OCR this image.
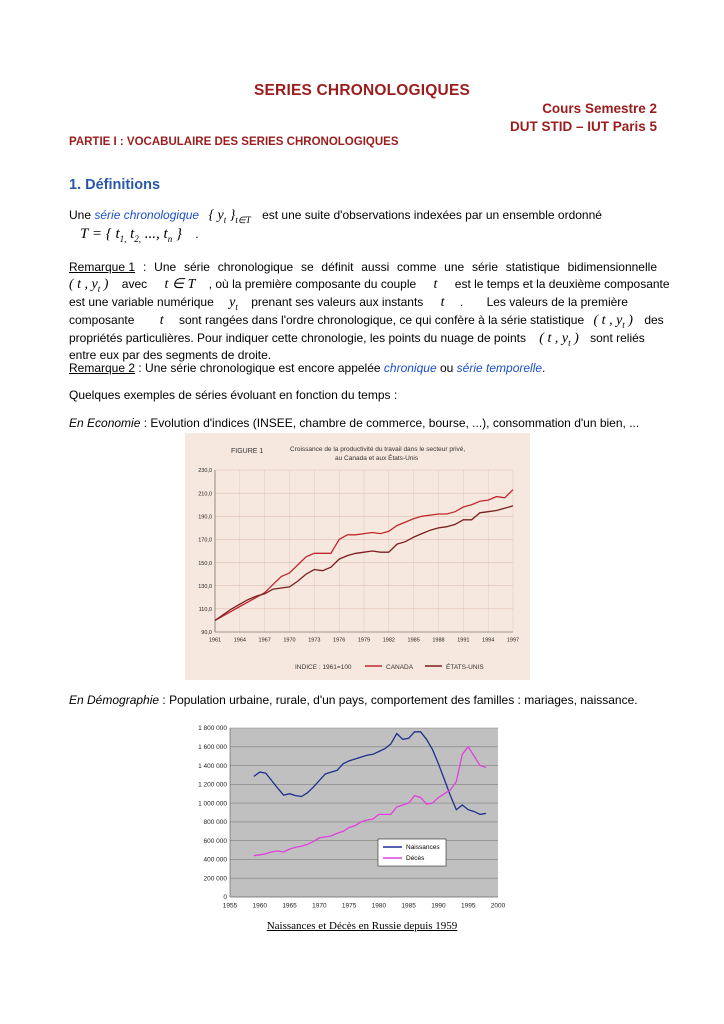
SERIES CHRONOLOGIQUES
Cours Semestre 2
DUT STID – IUT Paris 5
PARTIE I : VOCABULAIRE DES SERIES CHRONOLOGIQUES
1. Définitions
Une série chronologique { $y_t$ }$_{t\in T}$ est une suite d'observations indexées par un ensemble ordonné
T = { $t_{1,}$ $t_{2,}$ ..., $t_n$ } .
Remarque 1 : Une série chronologique se définit aussi comme une série statistique bidimensionnelle
( t , $y_t$ ) avec t ∈ T , où la première composante du couple t est le temps et la deuxième composante
est une variable numérique $y_t$ prenant ses valeurs aux instants t . Les valeurs de la première
composante t sont rangées dans l'ordre chronologique, ce qui confère à la série statistique ( t , $y_t$ ) des
propriétés particulières. Pour indiquer cette chronologie, les points du nuage de points ( t , $y_t$ ) sont reliés
entre eux par des segments de droite.
Remarque 2 : Une série chronologique est encore appelée chronique ou série temporelle.
Quelques exemples de séries évoluant en fonction du temps :
En Economie : Evolution d'indices (INSEE, chambre de commerce, bourse, ...), consommation d'un bien, ...
FIGURE 1	Croissance de la productivité du travail dans le secteur privé,
au Canada et aux États-Unis
90,0
110,0
130,0
150,0
170,0
190,0
210,0
230,0
1961 1964 1967 1970 1973 1976 1979 1982 1985 1988 1991 1994 1997
INDICE : 1961=100	CANADA	ÉTATS-UNIS
En Démographie : Population urbaine, rurale, d'un pays, comportement des familles : mariages, naissance.
0
200 000
400 000
600 000
800 000
1 000 000
1 200 000
1 400 000
1 600 000
1 800 000
1955 1960 1965 1970 1975 1980 1985 1990 1995 2000
Naissances
Décès
Naissances et Décès en Russie depuis 1959
